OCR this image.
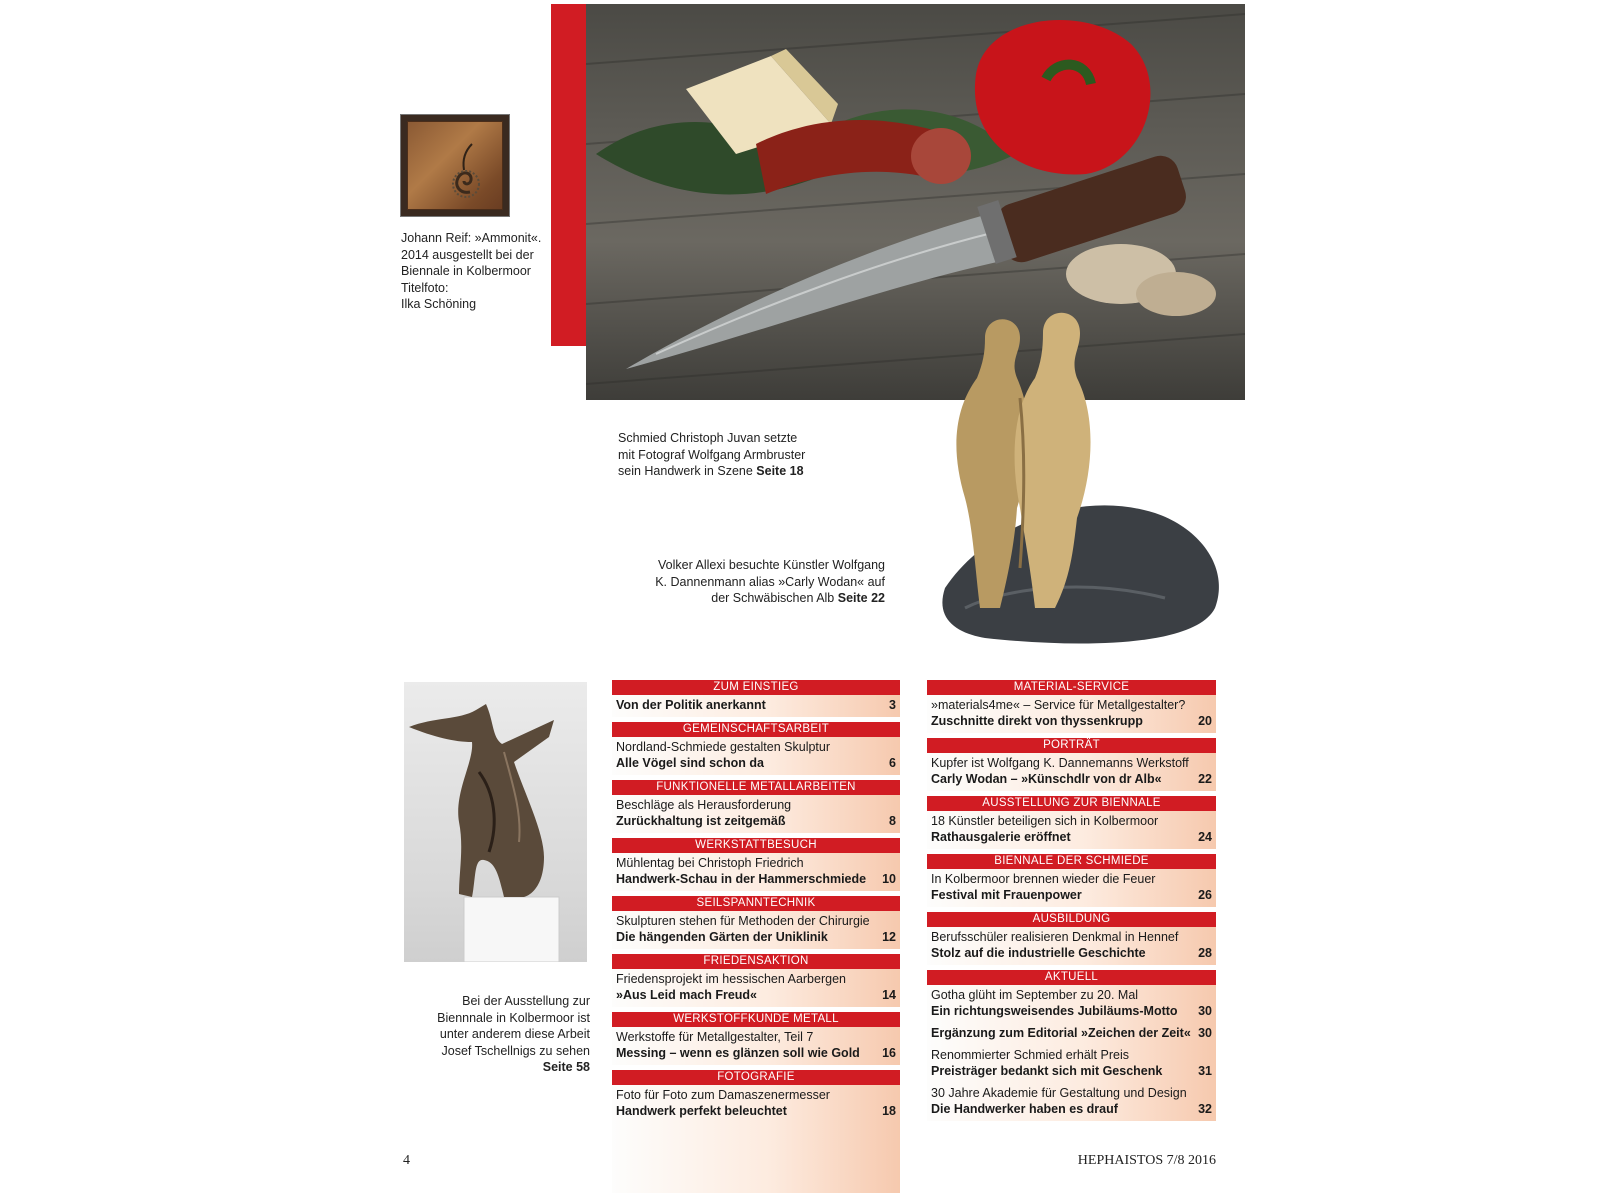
Johann Reif: »Ammonit«.
2014 ausgestellt bei der
Biennale in Kolbermoor
Titelfoto:
Ilka Schöning
INHALT
Schmied Christoph Juvan setzte
mit Fotograf Wolfgang Armbruster
sein Handwerk in Szene Seite 18
Volker Allexi besuchte Künstler Wolfgang
K. Dannenmann alias »Carly Wodan« auf
der Schwäbischen Alb Seite 22
Bei der Ausstellung zur
Biennnale in Kolbermoor ist
unter anderem diese Arbeit
Josef Tschellnigs zu sehen
Seite 58
ZUM EINSTIEG
Von der Politik anerkannt	3
GEMEINSCHAFTSARBEIT
Nordland-Schmiede gestalten Skulptur
Alle Vögel sind schon da	6
FUNKTIONELLE METALLARBEITEN
Beschläge als Herausforderung
Zurückhaltung ist zeitgemäß	8
WERKSTATTBESUCH
Mühlentag bei Christoph Friedrich
Handwerk-Schau in der Hammerschmiede 10
SEILSPANNTECHNIK
Skulpturen stehen für Methoden der Chirurgie
Die hängenden Gärten der Uniklinik	12
FRIEDENSAKTION
Friedensprojekt im hessischen Aarbergen
»Aus Leid mach Freud«	14
WERKSTOFFKUNDE METALL
Werkstoffe für Metallgestalter, Teil 7
Messing – wenn es glänzen soll wie Gold 16
FOTOGRAFIE
Foto für Foto zum Damaszenermesser
Handwerk perfekt beleuchtet	18
MATERIAL-SERVICE
»materials4me« – Service für Metallgestalter?
Zuschnitte direkt von thyssenkrupp	20
PORTRÄT
Kupfer ist Wolfgang K. Dannemanns Werkstoff
Carly Wodan – »Künschdlr von dr Alb«	22
AUSSTELLUNG ZUR BIENNALE
18 Künstler beteiligen sich in Kolbermoor
Rathausgalerie eröffnet	24
BIENNALE DER SCHMIEDE
In Kolbermoor brennen wieder die Feuer
Festival mit Frauenpower	26
AUSBILDUNG
Berufsschüler realisieren Denkmal in Hennef
Stolz auf die industrielle Geschichte	28
AKTUELL
Gotha glüht im September zu 20. Mal
Ein richtungsweisendes Jubiläums-Motto 30
Ergänzung zum Editorial »Zeichen der Zeit« 30
Renommierter Schmied erhält Preis
Preisträger bedankt sich mit Geschenk	31
30 Jahre Akademie für Gestaltung und Design
Die Handwerker haben es drauf	32
4	HEPHAISTOS 7/8 2016
